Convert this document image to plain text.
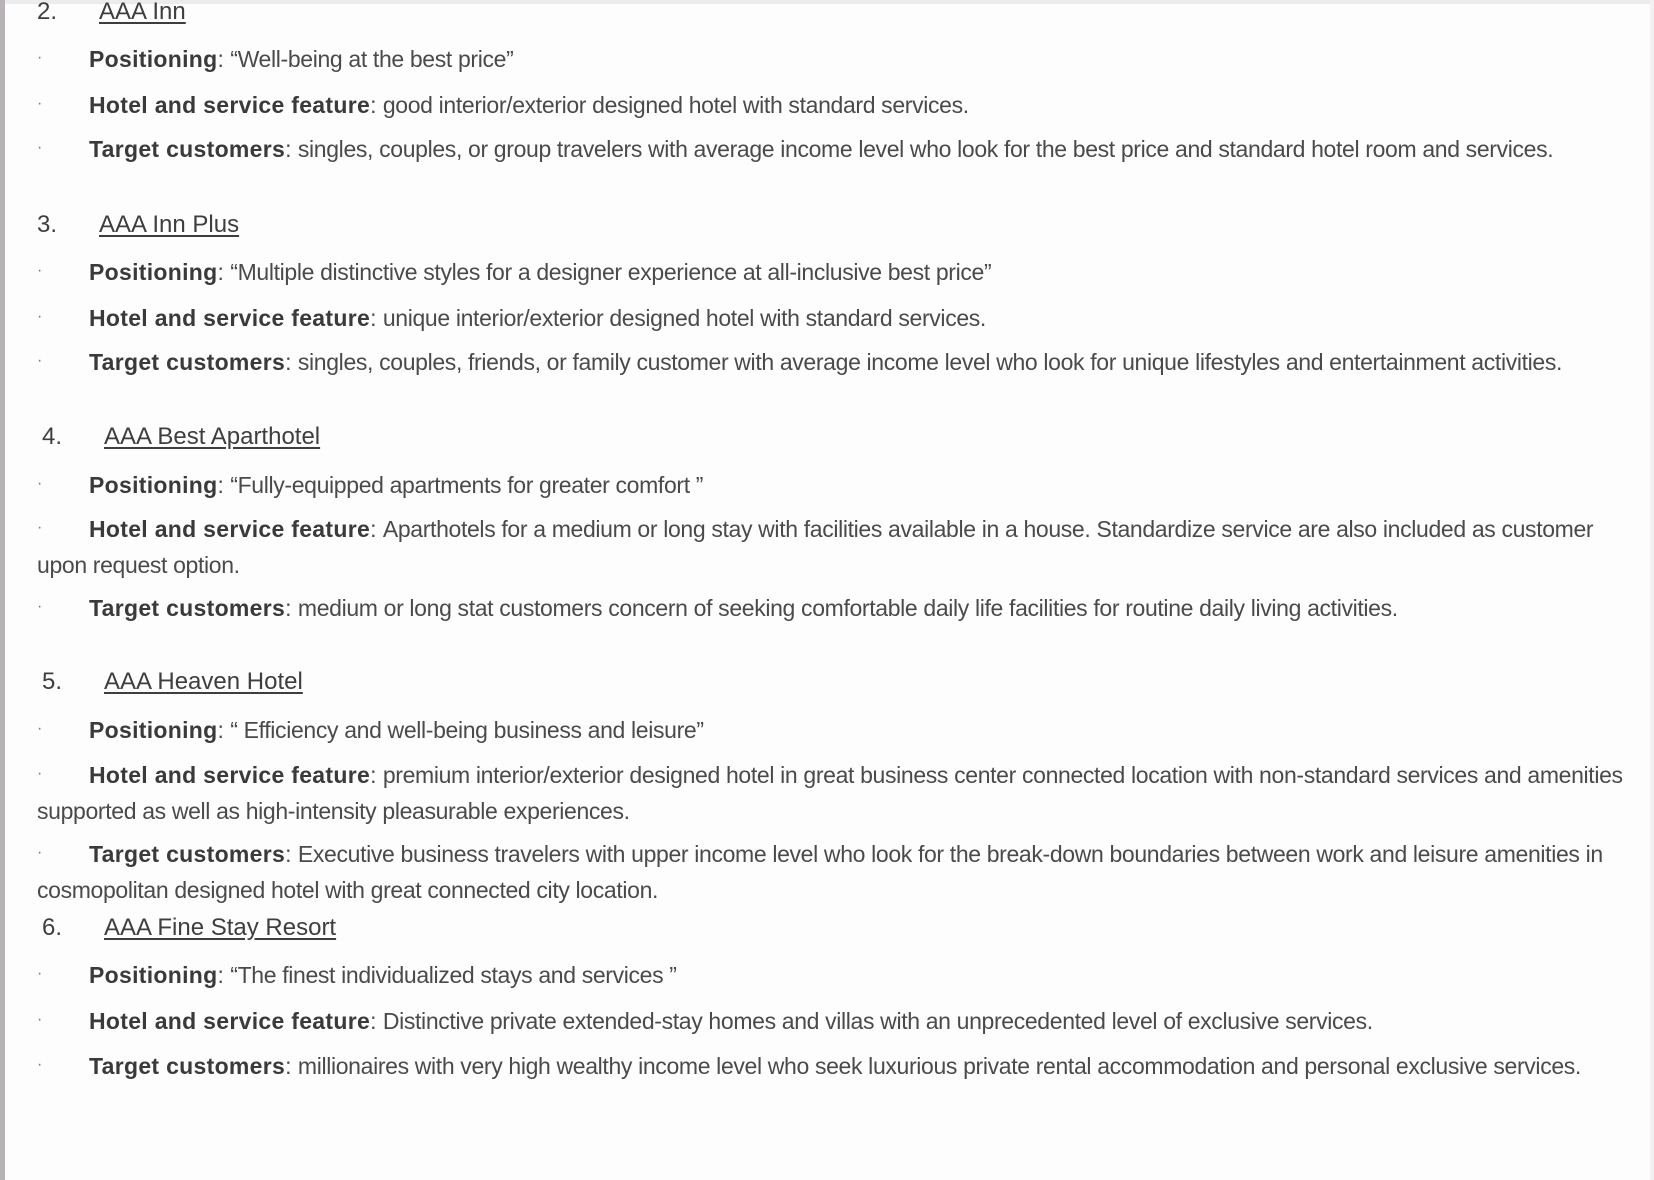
2. AAA Inn
· Positioning: “Well-being at the best price”
· Hotel and service feature: good interior/exterior designed hotel with standard services.
· Target customers: singles, couples, or group travelers with average income level who look for the best price and standard hotel room and services.
3. AAA Inn Plus
· Positioning: “Multiple distinctive styles for a designer experience at all-inclusive best price”
· Hotel and service feature: unique interior/exterior designed hotel with standard services.
· Target customers: singles, couples, friends, or family customer with average income level who look for unique lifestyles and entertainment activities.
4. AAA Best Aparthotel
· Positioning: “Fully-equipped apartments for greater comfort ”
· Hotel and service feature: Aparthotels for a medium or long stay with facilities available in a house. Standardize service are also included as customer upon request option.
· Target customers: medium or long stat customers concern of seeking comfortable daily life facilities for routine daily living activities.
5. AAA Heaven Hotel
· Positioning: “ Efficiency and well-being business and leisure”
· Hotel and service feature: premium interior/exterior designed hotel in great business center connected location with non-standard services and amenities supported as well as high-intensity pleasurable experiences.
· Target customers: Executive business travelers with upper income level who look for the break-down boundaries between work and leisure amenities in cosmopolitan designed hotel with great connected city location.
6. AAA Fine Stay Resort
· Positioning: “The finest individualized stays and services ”
· Hotel and service feature: Distinctive private extended-stay homes and villas with an unprecedented level of exclusive services.
· Target customers: millionaires with very high wealthy income level who seek luxurious private rental accommodation and personal exclusive services.
